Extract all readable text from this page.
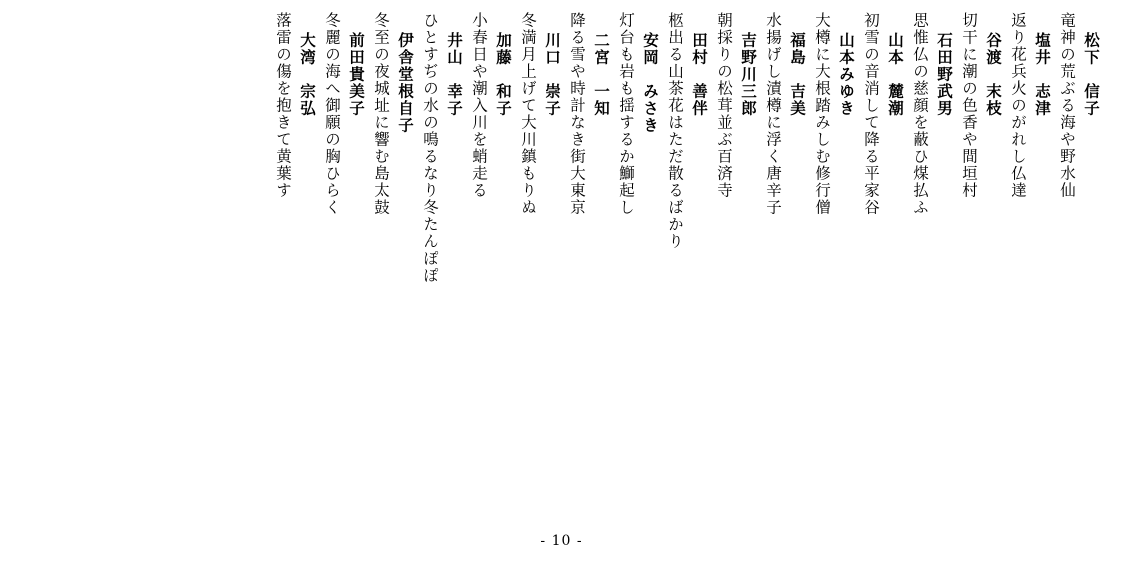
松下　信子
竜神の荒ぶる海や野水仙
塩井　志津
返り花兵火のがれし仏達
谷渡　末枝
切干に潮の色香や間垣村
石田野武男
思惟仏の慈顔を蔽ひ煤払ふ
山本　麓潮
初雪の音消して降る平家谷
山本みゆき
大樽に大根踏みしむ修行僧
福島　吉美
水揚げし漬樽に浮く唐辛子
吉野川三郎
朝採りの松茸並ぶ百済寺
田村　善伴
柩出る山茶花はただ散るばかり
安岡　みさき
灯台も岩も揺するか鰤起し
二宮　一知
降る雪や時計なき街大東京
川口　崇子
冬満月上げて大川鎮もりぬ
加藤　和子
小春日や潮入川を蛸走る
井山　幸子
ひとすぢの水の鳴るなり冬たんぽぽ
伊舎堂根自子
冬至の夜城址に響む島太鼓
前田貴美子
冬麗の海へ御願の胸ひらく
大湾　宗弘
落雷の傷を抱きて黄葉す
- 10 -
